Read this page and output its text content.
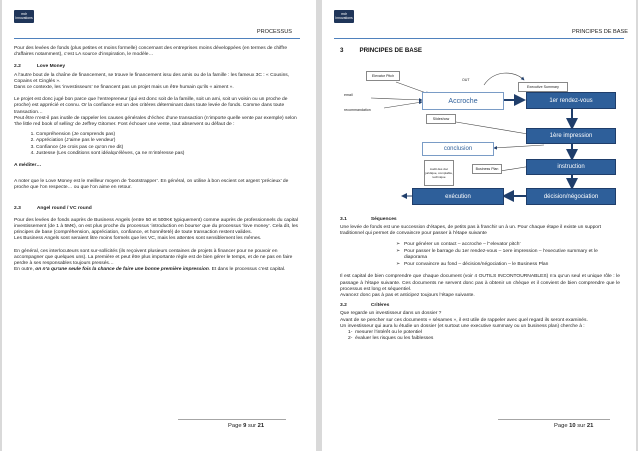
mdr
Innovations
PROCESSUS

Pour des levées de fonds (plus petites et moins formelle) concernant des entreprises moins développées (en termes de chiffre d’affaires notamment), c’est LA source d’inspiration, le modèle…

2.2	Love Money

A l’autre bout de la chaîne de financement, se trouve le financement issu des amis ou de la famille : les fameux 3C : « Cousins, Copains et Cinglés ».

Dans ce contexte, les ‘investisseurs’ ne financent pas un projet mais un être humain qu’ils « aiment ».

Le projet est donc jugé bon parce que l’entrepreneur (qui est donc soit de la famille, soit un ami, soit un voisin ou un proche de proche) est apprécié et connu. Or la confiance est un des critères déterminant dans toute levée de fonds. Comme dans toute transaction…

Peut être n’est-il pas inutile de rappeler les causes générales d’échec d’une transaction (n’importe quelle vente par exemple) selon ‘the little red book of selling’ de Jeffrey Gitomer. Font échouer une vente, tout abservent ou défaut de :

1. Compréhension (Je comprends pas)
2. Appréciation (J’aime pas le vendeur)
3. Confiance (Je crois pas ce qu’on me dit)
4. Justesse (Les conditions sont idéalqu’élèves, ça ne m’intéresse pas)

A méditer…

A noter que le Love Money est le meilleur moyen de ‘bootstrapper’. En général, on utilise à bon escient cet argent ‘précieux’ de proche que l’on respecte… ou que l’on aime en retour.

2.3	Angel round / VC round

Pour des levées de fonds auprès de Business Angels (entre 50 et 500K€ typiquement) comme auprès de professionnels du capital investissement (de 1 à 5M€), on est plus proche du processus ‘introduction en bourse’ que du processus ‘love money’. Cela dit, les principes de base (compréhension, appréciation, confiance, et honnêteté) de toute transaction restent valides.

Les Business Angels sont seraient litre moins formels que les VC, mais les attentes sont sensiblement les mêmes.

En général, ces interlocuteurs sont sur-sollicités (ils reçoivent plusieurs centaines de projets à financer pour ne pouvoir en accompagner que quelques uns). La première et peut être plus importante règle est de bien gérer le temps, et de ne pas en faire perdre à ses responsables toujours pressés…

En outre, on n’a qu’une seule fois la chance de faire une bonne première impression. Et dans le processus c’est capital.

Page 9 sur 21
mdr
Innovations
PRINCIPES DE BASE
3	PRINCIPES DE BASE
Elevator Pitch
email
recommandation
OUT
Executive Summary
Accroche	1er rendez-vous
Slideshow
1ère impression
conclusion
Audit des doc juridique, comptable, technique
Business Plan	instruction
exécution	décision/négociation
3.1	Séquences

Une levée de fonds est une succession d’étapes, de petits pas à franchir un à un. Pour chaque étape il existe un support traditionnel qui permet de convaincre pour passer à l’étape suivante

➢ Pour générer un contact – accroche – l’’elevator pitch’
➢ Pour passer le barrage du 1er rendez-vous – 1ere impression – l’executive summary et le diaporama
➢ Pour convaincre au fond – décision/négociation – le Business Plan

Il est capital de bien comprendre que chaque document (voir 4 OUTILS INCONTOURNABLES) n’a qu’un seul et unique rôle : le passage à l’étape suivante. Ces documents ne servent donc pas à obtenir un chèque et il convient de bien comprendre que le processus est long et séquentiel.

Avancez donc pas à pas et anticipez toujours l’étape suivante.

3.2	Critères

Que regarde un investisseur dans un dossier ?

Avant de se pencher sur ces documents « sésames », il est utile de rappeler avec quel regard ils seront examinés.

Un investisseur qui aura lu étudie un dossier (et surtout une executive summary ou un business plan) cherche à :

1-  mesurer l’intérêt ou le potentiel
2-  évaluer les risques ou les faiblesses
Page 10 sur 21
